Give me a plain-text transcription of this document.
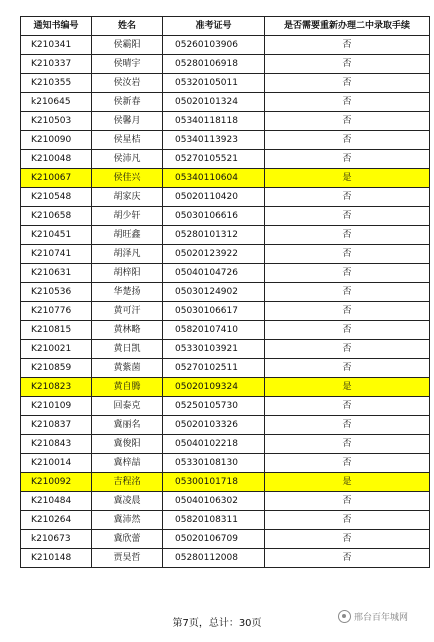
通知书编号	姓名	准考证号	是否需要重新办理二中录取手续
K210341	侯霸阳	05260103906	否
K210337	侯晴宇	05280106918	否
K210355	侯汝岩	05320105011	否
k210645	侯新春	05020101324	否
K210503	侯馨月	05340118118	否
K210090	侯星桔	05340113923	否
K210048	侯沛凡	05270105521	否
K210067	侯佳兴	05340110604	是
K210548	胡家庆	05020110420	否
K210658	胡少轩	05030106616	否
K210451	胡旺鑫	05280101312	否
K210741	胡泽凡	05020123922	否
K210631	胡梓阳	05040104726	否
K210536	华楚扬	05030124902	否
K210776	黄可汗	05030106617	否
K210815	黄林略	05820107410	否
K210021	黄日凯	05330103921	否
K210859	黄紫菌	05270102511	否
K210823	黄自腾	05020109324	是
K210109	回泰克	05250105730	否
K210837	冀丽名	05020103326	否
K210843	冀俊阳	05040102218	否
K210014	冀梓喆	05330108130	否
K210092	吉程洺	05300101718	是
K210484	冀凌晨	05040106302	否
K210264	冀沛然	05820108311	否
k210673	冀欣蕾	05020106709	否
K210148	贾昊哲	05280112008	否
第7页，总计：30页	邢台百年城网
